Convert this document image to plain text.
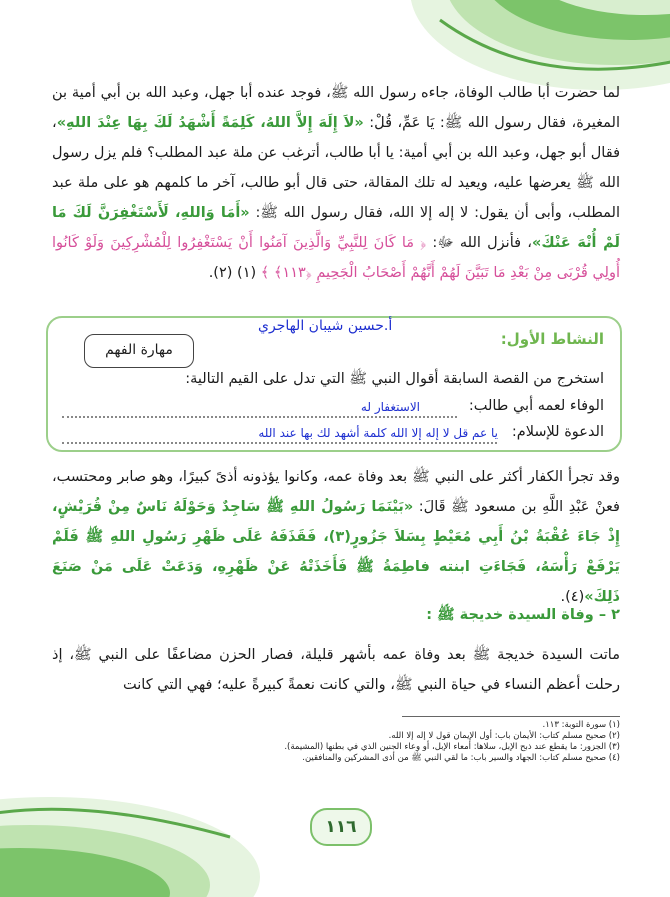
لما حضرت أبا طالب الوفاة، جاءه رسول الله ﷺ، فوجد عنده أبا جهل، وعبد الله بن أبي أمية بن المغيرة، فقال رسول الله ﷺ: يَا عَمِّ، قُلْ: «لاَ إِلَهَ إِلاَّ اللهُ، كَلِمَةً أَشْهَدُ لَكَ بِهَا عِنْدَ اللهِ»، فقال أبو جهل، وعبد الله بن أبي أمية: يا أبا طالب، أترغب عن ملة عبد المطلب؟ فلم يزل رسول الله ﷺ يعرضها عليه، ويعيد له تلك المقالة، حتى قال أبو طالب، آخر ما كلمهم هو على ملة عبد المطلب، وأبى أن يقول: لا إله إلا الله، فقال رسول الله ﷺ: «أَمَا وَاللهِ، لَأَسْتَغْفِرَنَّ لَكَ مَا لَمْ أُنْهَ عَنْكَ»، فأنزل الله ﷻ: ﴿ مَا كَانَ لِلنَّبِيِّ وَالَّذِينَ آمَنُوا أَنْ يَسْتَغْفِرُوا لِلْمُشْرِكِينَ وَلَوْ كَانُوا أُولِي قُرْبَى مِنْ بَعْدِ مَا تَبَيَّنَ لَهُمْ أَنَّهُمْ أَصْحَابُ الْجَحِيمِ ﴿١١٣﴾ ﴾ (١) (٢).
أ.حسين شيبان الهاجري
النشاط الأول:
مهارة الفهم
استخرج من القصة السابقة أقوال النبي ﷺ التي تدل على القيم التالية:
الوفاء لعمه أبي طالب:
الاستغفار له
الدعوة للإسلام:
يا عم قل لا إله إلا الله كلمة أشهد لك بها عند الله
وقد تجرأ الكفار أكثر على النبي ﷺ بعد وفاة عمه، وكانوا يؤذونه أذىً كبيرًا، وهو صابر ومحتسب، فعنْ عَبْدِ اللَّهِ بن مسعود ﷺ قَالَ: «بَيْنَمَا رَسُولُ اللهِ ﷺ سَاجِدٌ وَحَوْلَهُ نَاسٌ مِنْ قُرَيْشٍ، إِذْ جَاءَ عُقْبَةُ بْنُ أَبِي مُعَيْطٍ بِسَلاَ جَزُورٍ(٣)، فَقَذَفَهُ عَلَى ظَهْرِ رَسُولِ اللهِ ﷺ فَلَمْ يَرْفَعْ رَأْسَهُ، فَجَاءَتِ ابنته فاطِمَةُ ﷺ فَأَخَذَتْهُ عَنْ ظَهْرِهِ، وَدَعَتْ عَلَى مَنْ صَنَعَ ذَلِكَ»(٤).
٢ – وفاة السيدة خديجة ﷺ :
ماتت السيدة خديجة ﷺ بعد وفاة عمه بأشهر قليلة، فصار الحزن مضاعفًا على النبي ﷺ، إذ رحلت أعظم النساء في حياة النبي ﷺ، والتي كانت نعمةً كبيرةً عليه؛ فهي التي كانت
(١) سورة التوبة: ١١٣.
(٢) صحيح مسلم كتاب: الأيمان باب: أول الإيمان قول لا إله إلا الله.
(٣) الجزور: ما يقطع عند ذبح الإبل، سلاها: أمعاء الإبل، أو وعاء الجنين الذي في بطنها (المشيمة).
(٤) صحيح مسلم كتاب: الجهاد والسير باب: ما لقي النبي ﷺ من أذى المشركين والمنافقين.
١١٦
